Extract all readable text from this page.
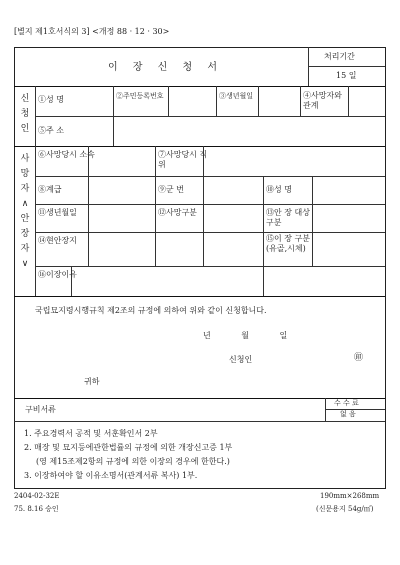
[별지 제1호서식의 3] <개정 88 · 12 · 30>
이 장 신 청 서
처리기간
15 일
신
청
인
①성 명	②주민등록번호	③생년월일	④사망자와 관계
⑤주 소
사
망
자
∧
안
장
자
∨
⑥사망당시 소속	⑦사망당시 직위
⑧계급	⑨군 번	⑩성 명
⑪생년월일	⑫사망구분	⑬안 장 대상 구분
⑭현안장지	⑮이 장 구분(유골,시체)
⑯이장이유
국립묘지령시행규칙 제2조의 규정에 의하여 위와 같이 신청합니다.
년 월 일
신청인	㊞
귀하
구비서류
수 수 료
없 음
1. 주요경력서 공적 및 서훈확인서 2부
2. 매장 및 묘지등에관한법률의 규정에 의한 개장신고증 1부
(영 제15조제2항의 규정에 의한 이장의 경우에 한한다.)
3. 이장하여야 할 이유소명서(관계서류 복사) 1부.
2404-02-32E
75. 8.16 승인
190mm×268mm
(신문용지 54g/㎡)
